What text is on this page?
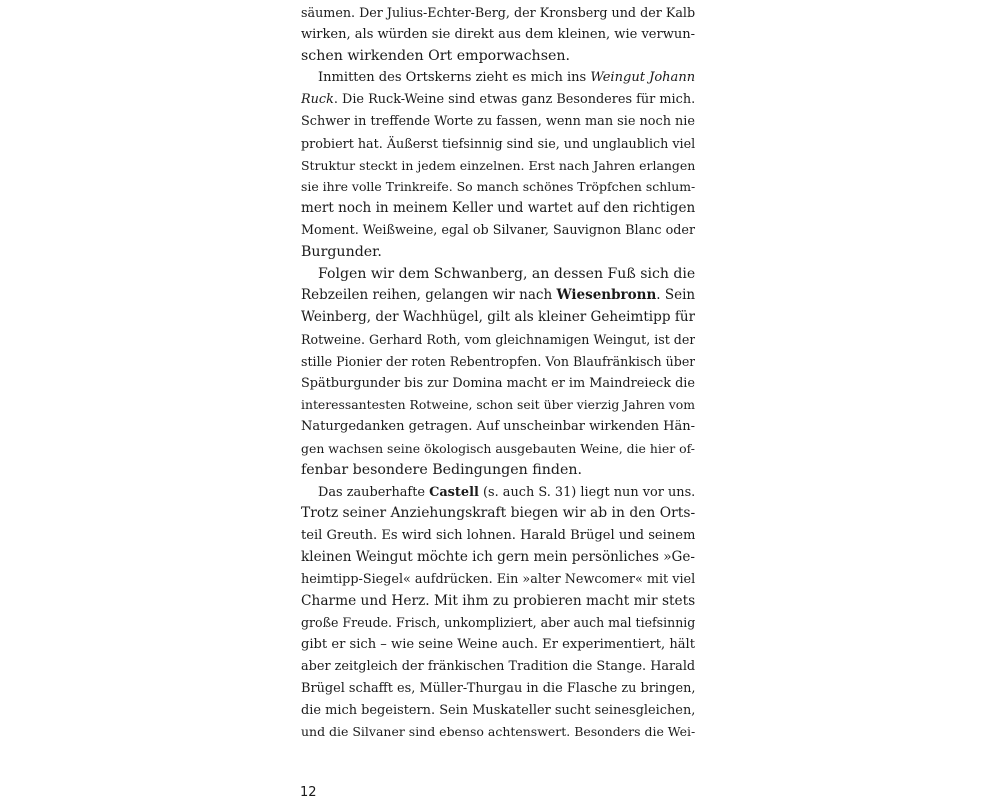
säumen. Der Julius-Echter-Berg, der Kronsberg und der Kalb
wirken, als würden sie direkt aus dem kleinen, wie verwun-
schen wirkenden Ort emporwachsen.
Inmitten des Ortskerns zieht es mich ins Weingut Johann
Ruck. Die Ruck-Weine sind etwas ganz Besonderes für mich.
Schwer in treffende Worte zu fassen, wenn man sie noch nie
probiert hat. Äußerst tiefsinnig sind sie, und unglaublich viel
Struktur steckt in jedem einzelnen. Erst nach Jahren erlangen
sie ihre volle Trinkreife. So manch schönes Tröpfchen schlum-
mert noch in meinem Keller und wartet auf den richtigen
Moment. Weißweine, egal ob Silvaner, Sauvignon Blanc oder
Burgunder.
Folgen wir dem Schwanberg, an dessen Fuß sich die
Rebzeilen reihen, gelangen wir nach Wiesenbronn. Sein
Weinberg, der Wachhügel, gilt als kleiner Geheimtipp für
Rotweine. Gerhard Roth, vom gleichnamigen Weingut, ist der
stille Pionier der roten Rebentropfen. Von Blaufränkisch über
Spätburgunder bis zur Domina macht er im Maindreieck die
interessantesten Rotweine, schon seit über vierzig Jahren vom
Naturgedanken getragen. Auf unscheinbar wirkenden Hän-
gen wachsen seine ökologisch ausgebauten Weine, die hier of-
fenbar besondere Bedingungen finden.
Das zauberhafte Castell (s. auch S. 31) liegt nun vor uns.
Trotz seiner Anziehungskraft biegen wir ab in den Orts-
teil Greuth. Es wird sich lohnen. Harald Brügel und seinem
kleinen Weingut möchte ich gern mein persönliches »Ge-
heimtipp-Siegel« aufdrücken. Ein »alter Newcomer« mit viel
Charme und Herz. Mit ihm zu probieren macht mir stets
große Freude. Frisch, unkompliziert, aber auch mal tiefsinnig
gibt er sich – wie seine Weine auch. Er experimentiert, hält
aber zeitgleich der fränkischen Tradition die Stange. Harald
Brügel schafft es, Müller-Thurgau in die Flasche zu bringen,
die mich begeistern. Sein Muskateller sucht seinesgleichen,
und die Silvaner sind ebenso achtenswert. Besonders die Wei-
12
